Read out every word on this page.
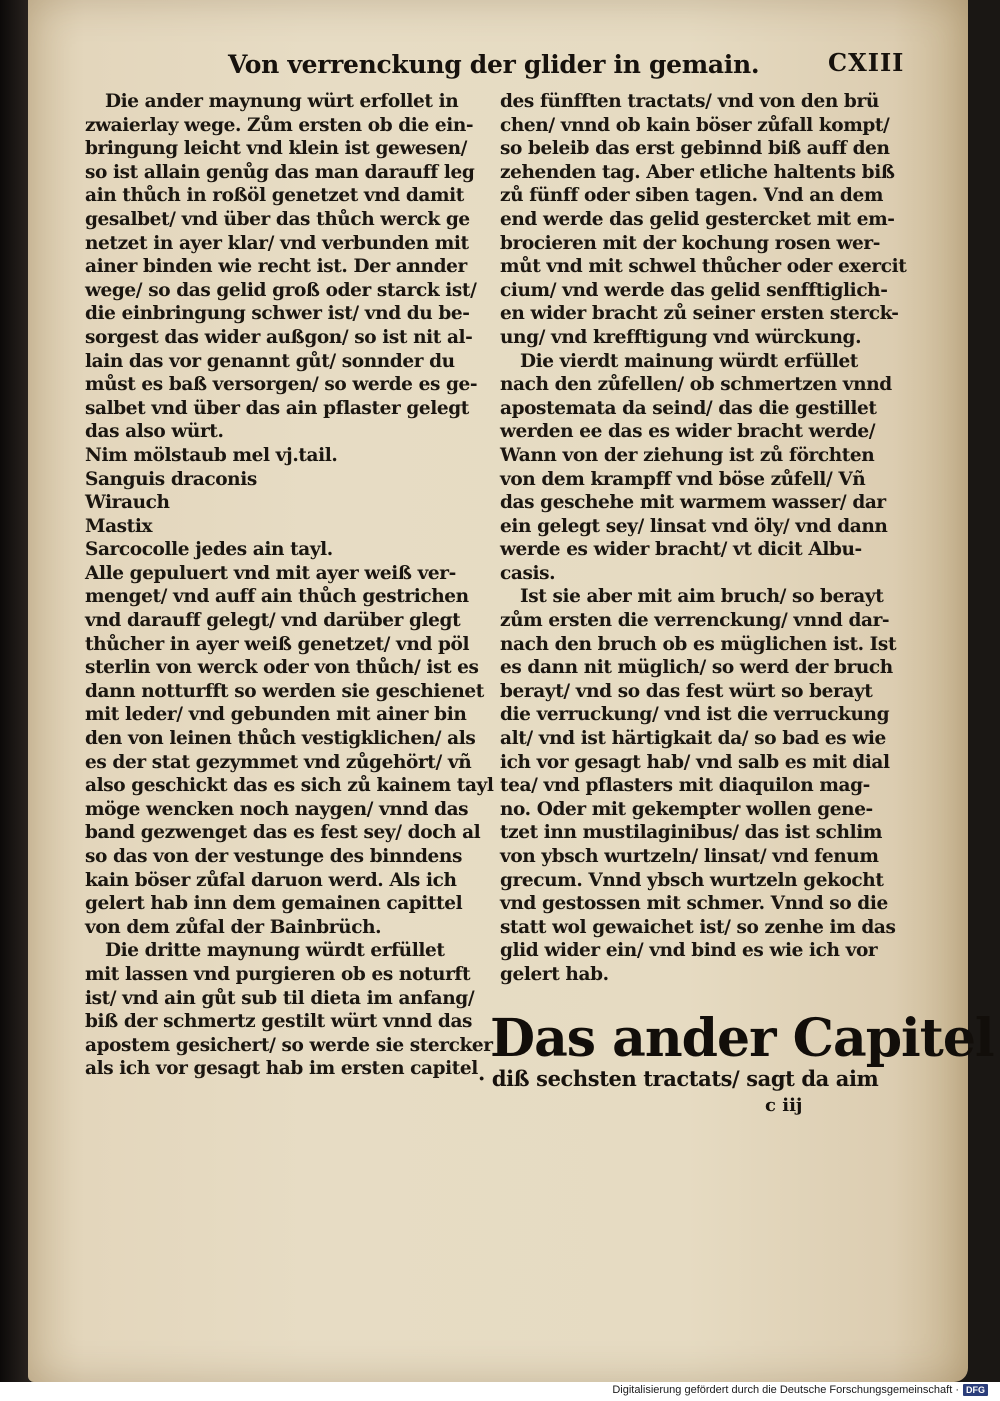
Von verrenckung der glider in gemain.	CXIII
Die ander maynung würt erfollet in
zwaierlay wege. Zům ersten ob die ein-
bringung leicht vnd klein ist gewesen/
so ist allain genůg das man darauff leg
ain thůch in roßöl genetzet vnd damit
gesalbet/ vnd über das thůch werck ge
netzet in ayer klar/ vnd verbunden mit
ainer binden wie recht ist. Der annder
wege/ so das gelid groß oder starck ist/
die einbringung schwer ist/ vnd du be-
sorgest das wider außgon/ so ist nit al-
lain das vor genannt gůt/ sonnder du
můst es baß versorgen/ so werde es ge-
salbet vnd über das ain pflaster gelegt
das also würt.
Nim mölstaub mel vj.tail.
Sanguis draconis
Wirauch
Mastix
Sarcocolle jedes ain tayl.
Alle gepuluert vnd mit ayer weiß ver-
menget/ vnd auff ain thůch gestrichen
vnd darauff gelegt/ vnd darüber glegt
thůcher in ayer weiß genetzet/ vnd pöl
sterlin von werck oder von thůch/ ist es
dann notturfft so werden sie geschienet
mit leder/ vnd gebunden mit ainer bin
den von leinen thůch vestigklichen/ als
es der stat gezymmet vnd zůgehört/ vñ
also geschickt das es sich zů kainem tayl
möge wencken noch naygen/ vnnd das
band gezwenget das es fest sey/ doch al
so das von der vestunge des binndens
kain böser zůfal daruon werd. Als ich
gelert hab inn dem gemainen capittel
von dem zůfal der Bainbrüch.
Die dritte maynung würdt erfüllet
mit lassen vnd purgieren ob es noturft
ist/ vnd ain gůt sub til dieta im anfang/
biß der schmertz gestilt würt vnnd das
apostem gesichert/ so werde sie stercker
als ich vor gesagt hab im ersten capitel
des fünfften tractats/ vnd von den brü
chen/ vnnd ob kain böser zůfall kompt/
so beleib das erst gebinnd biß auff den
zehenden tag. Aber etliche haltents biß
zů fünff oder siben tagen. Vnd an dem
end werde das gelid gestercket mit em-
brocieren mit der kochung rosen wer-
můt vnd mit schwel thůcher oder exercit
cium/ vnd werde das gelid senfftiglich-
en wider bracht zů seiner ersten sterck-
ung/ vnd krefftigung vnd würckung.
Die vierdt mainung würdt erfüllet
nach den zůfellen/ ob schmertzen vnnd
apostemata da seind/ das die gestillet
werden ee das es wider bracht werde/
Wann von der ziehung ist zů förchten
von dem krampff vnd böse zůfell/ Vñ
das geschehe mit warmem wasser/ dar
ein gelegt sey/ linsat vnd öly/ vnd dann
werde es wider bracht/ vt dicit Albu-
casis.
Ist sie aber mit aim bruch/ so berayt
zům ersten die verrenckung/ vnnd dar-
nach den bruch ob es müglichen ist. Ist
es dann nit müglich/ so werd der bruch
berayt/ vnd so das fest würt so berayt
die verruckung/ vnd ist die verruckung
alt/ vnd ist härtigkait da/ so bad es wie
ich vor gesagt hab/ vnd salb es mit dial
tea/ vnd pflasters mit diaquilon mag-
no. Oder mit gekempter wollen gene-
tzet inn mustilaginibus/ das ist schlim
von ybsch wurtzeln/ linsat/ vnd fenum
grecum. Vnnd ybsch wurtzeln gekocht
vnd gestossen mit schmer. Vnnd so die
statt wol gewaichet ist/ so zenhe im das
glid wider ein/ vnd bind es wie ich vor
gelert hab.
Das ander Capitel
· diß sechsten tractats/ sagt da aim
c iij
Digitalisierung gefördert durch die Deutsche Forschungsgemeinschaft · DFG
